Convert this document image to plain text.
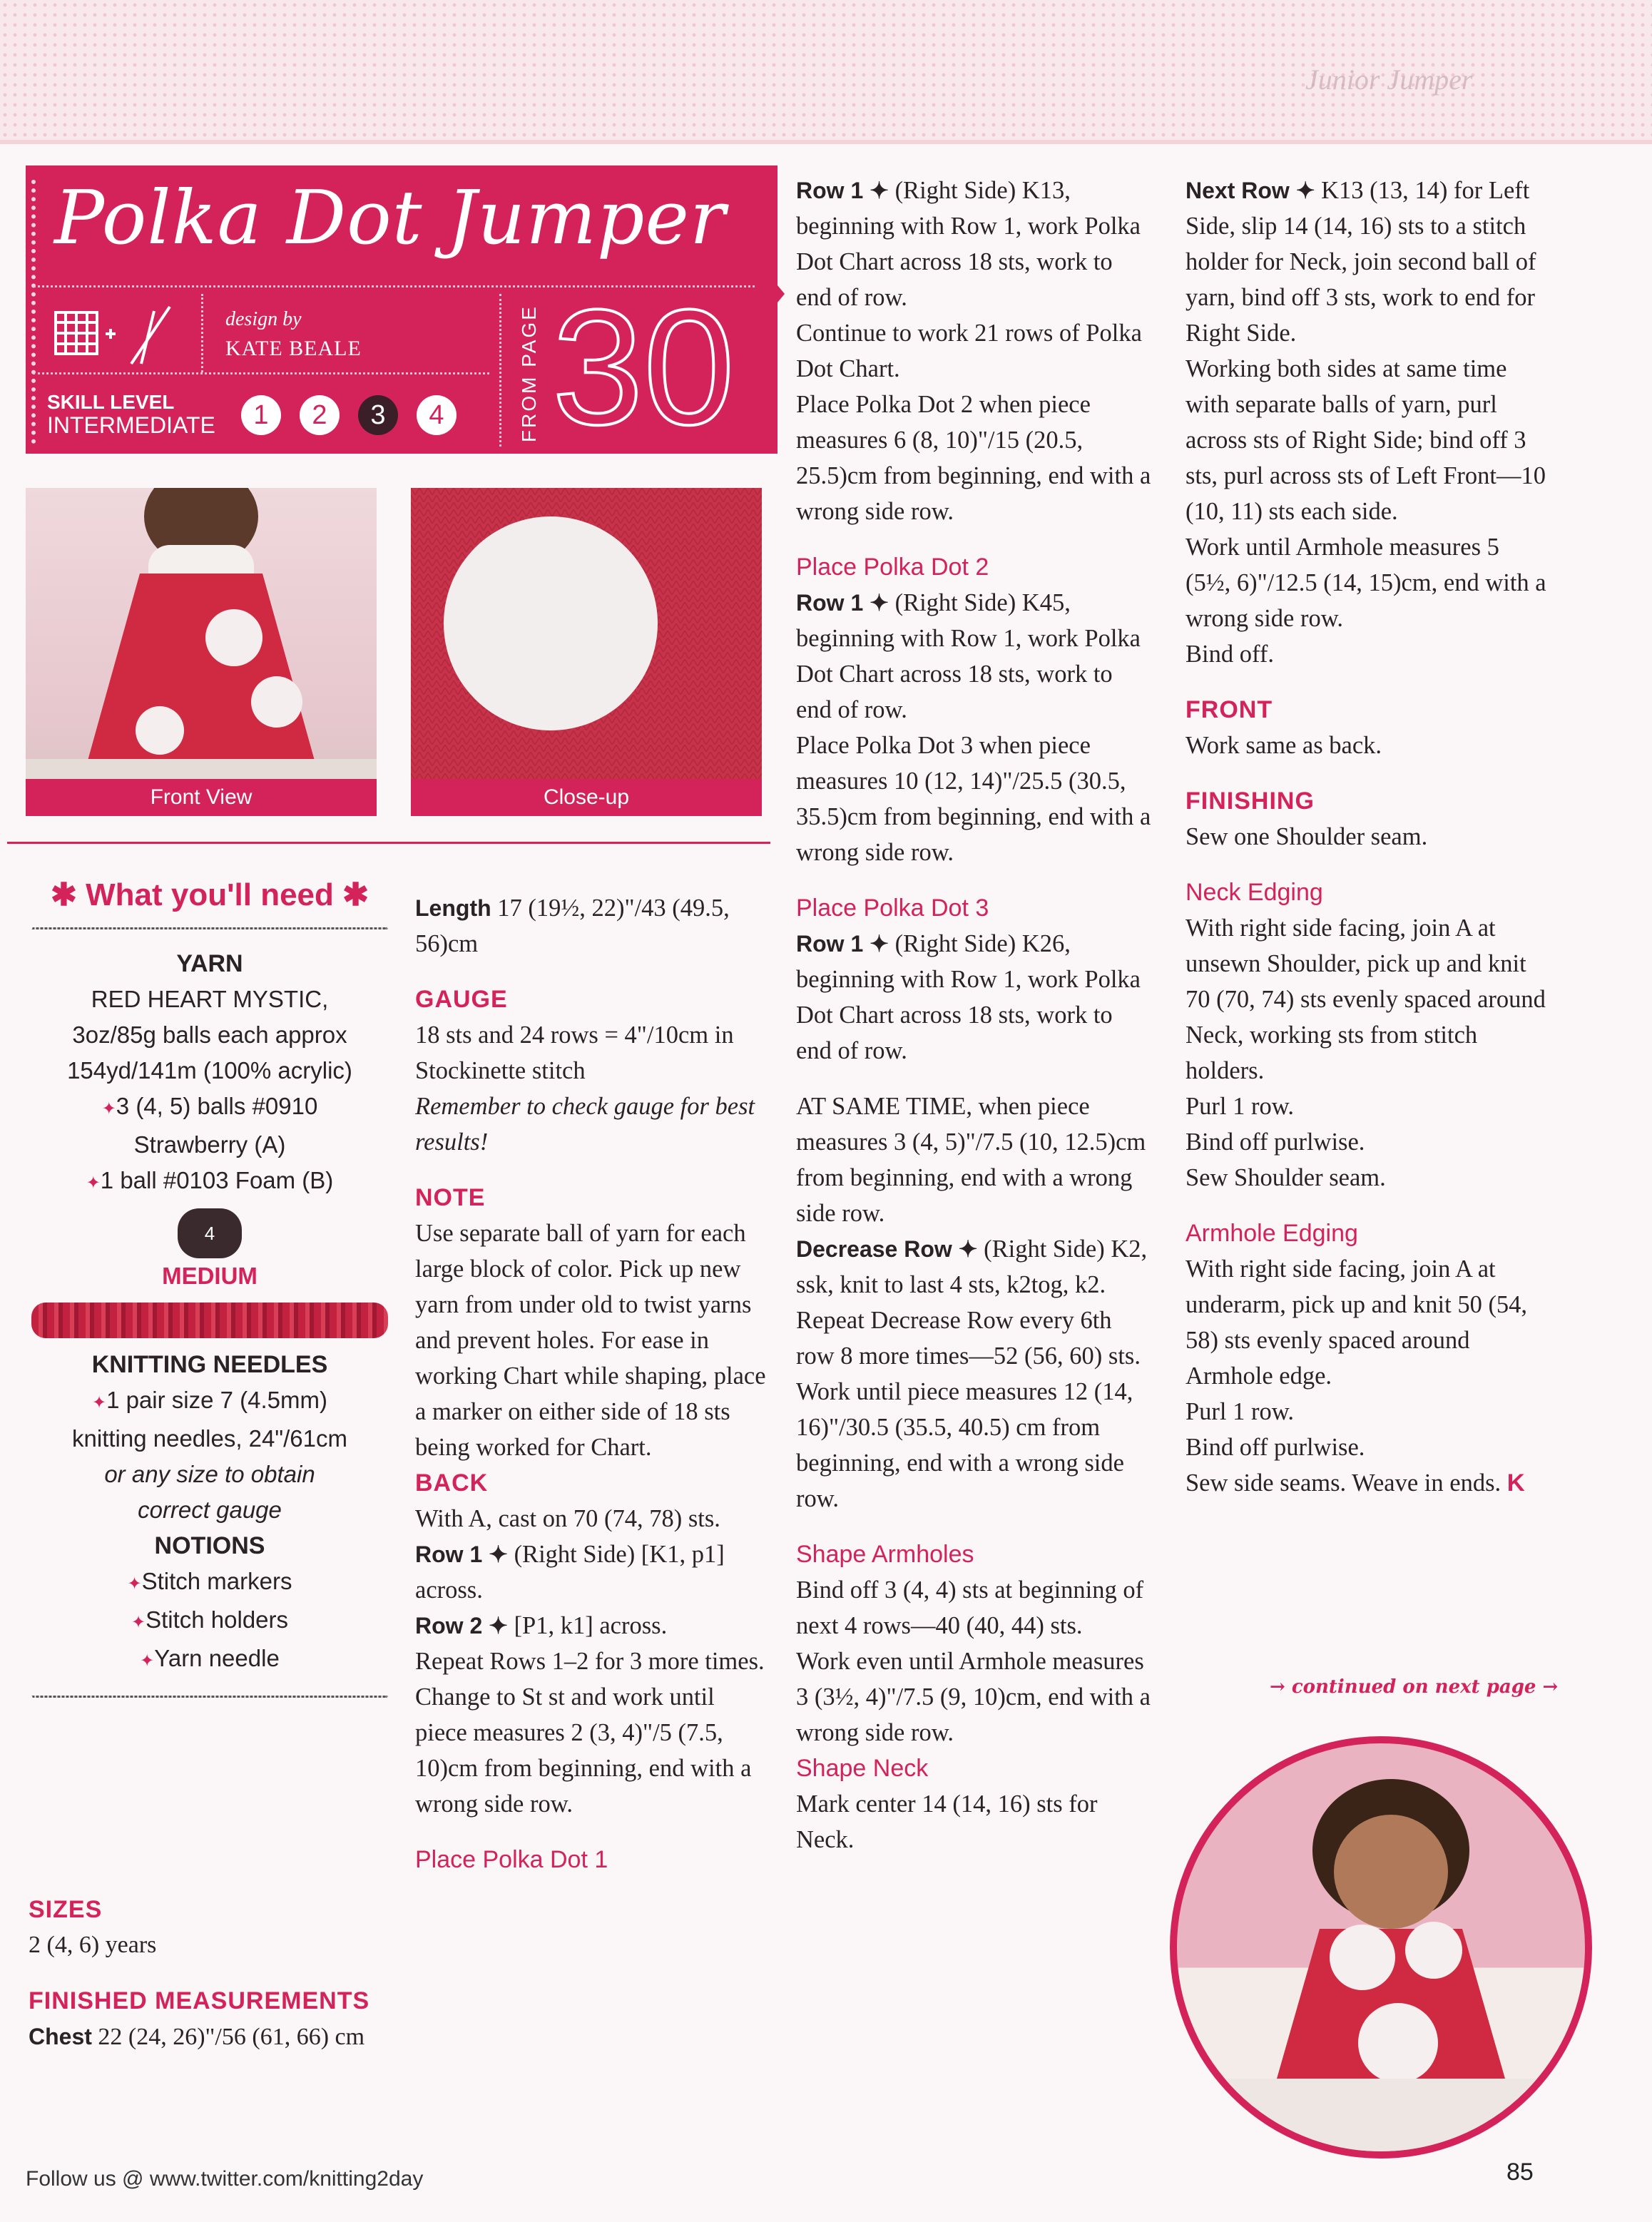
Junior Jumper
Polka Dot Jumper
design by
KATE BEALE
SKILL LEVEL
INTERMEDIATE	1	2	3	4	FROM PAGE 30
Front View	Close-up
✱ What you'll need ✱
YARN
RED HEART MYSTIC,
3oz/85g balls each approx
154yd/141m (100% acrylic)
✦3 (4, 5) balls #0910
Strawberry (A)
✦1 ball #0103 Foam (B)
4
MEDIUM
KNITTING NEEDLES
✦1 pair size 7 (4.5mm)
knitting needles, 24"/61cm
or any size to obtain
correct gauge
NOTIONS
✦Stitch markers
✦Stitch holders
✦Yarn needle
SIZES
2 (4, 6) years
FINISHED MEASUREMENTS
Chest 22 (24, 26)"/56 (61, 66) cm

Length 17 (19½, 22)"/43 (49.5, 56)cm

GAUGE

18 sts and 24 rows = 4"/10cm in Stockinette stitch

Remember to check gauge for best results!

NOTE

Use separate ball of yarn for each large block of color. Pick up new yarn from under old to twist yarns and prevent holes. For ease in working Chart while shaping, place a marker on either side of 18 sts being worked for Chart.

BACK

With A, cast on 70 (74, 78) sts.

Row 1 ✦ (Right Side) [K1, p1] across.

Row 2 ✦ [P1, k1] across.

Repeat Rows 1–2 for 3 more times.

Change to St st and work until piece measures 2 (3, 4)"/5 (7.5, 10)cm from beginning, end with a wrong side row.

Place Polka Dot 1

Row 1 ✦ (Right Side) K13, beginning with Row 1, work Polka Dot Chart across 18 sts, work to end of row.

Continue to work 21 rows of Polka Dot Chart.

Place Polka Dot 2 when piece measures 6 (8, 10)"/15 (20.5, 25.5)cm from beginning, end with a wrong side row.

Place Polka Dot 2

Row 1 ✦ (Right Side) K45, beginning with Row 1, work Polka Dot Chart across 18 sts, work to end of row.

Place Polka Dot 3 when piece measures 10 (12, 14)"/25.5 (30.5, 35.5)cm from beginning, end with a wrong side row.

Place Polka Dot 3

Row 1 ✦ (Right Side) K26, beginning with Row 1, work Polka Dot Chart across 18 sts, work to end of row.

AT SAME TIME, when piece measures 3 (4, 5)"/7.5 (10, 12.5)cm from beginning, end with a wrong side row.

Decrease Row ✦ (Right Side) K2, ssk, knit to last 4 sts, k2tog, k2.

Repeat Decrease Row every 6th row 8 more times—52 (56, 60) sts.

Work until piece measures 12 (14, 16)"/30.5 (35.5, 40.5) cm from beginning, end with a wrong side row.

Shape Armholes

Bind off 3 (4, 4) sts at beginning of next 4 rows—40 (40, 44) sts.

Work even until Armhole measures 3 (3½, 4)"/7.5 (9, 10)cm, end with a wrong side row.

Shape Neck

Mark center 14 (14, 16) sts for Neck.

Next Row ✦ K13 (13, 14) for Left Side, slip 14 (14, 16) sts to a stitch holder for Neck, join second ball of yarn, bind off 3 sts, work to end for Right Side.

Working both sides at same time with separate balls of yarn, purl across sts of Right Side; bind off 3 sts, purl across sts of Left Front—10 (10, 11) sts each side.

Work until Armhole measures 5 (5½, 6)"/12.5 (14, 15)cm, end with a wrong side row.

Bind off.

FRONT

Work same as back.

FINISHING

Sew one Shoulder seam.

Neck Edging

With right side facing, join A at unsewn Shoulder, pick up and knit 70 (70, 74) sts evenly spaced around Neck, working sts from stitch holders.

Purl 1 row.

Bind off purlwise.

Sew Shoulder seam.

Armhole Edging

With right side facing, join A at underarm, pick up and knit 50 (54, 58) sts evenly spaced around Armhole edge.

Purl 1 row.

Bind off purlwise.

Sew side seams. Weave in ends. K

→ continued on next page →
Follow us @ www.twitter.com/knitting2day	85
